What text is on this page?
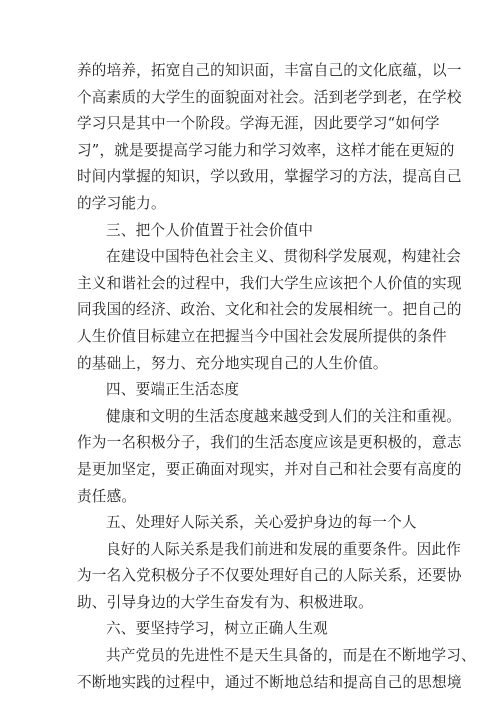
养的培养，拓宽自己的知识面，丰富自己的文化底蕴，以一
个高素质的大学生的面貌面对社会。活到老学到老，在学校
学习只是其中一个阶段。学海无涯，因此要学习“如何学
习”，就是要提高学习能力和学习效率，这样才能在更短的
时间内掌握的知识，学以致用，掌握学习的方法，提高自己
的学习能力。
三、把个人价值置于社会价值中
在建设中国特色社会主义、贯彻科学发展观，构建社会
主义和谐社会的过程中，我们大学生应该把个人价值的实现
同我国的经济、政治、文化和社会的发展相统一。把自己的
人生价值目标建立在把握当今中国社会发展所提供的条件
的基础上，努力、充分地实现自己的人生价值。
四、要端正生活态度
健康和文明的生活态度越来越受到人们的关注和重视。
作为一名积极分子，我们的生活态度应该是更积极的，意志
是更加坚定，要正确面对现实，并对自己和社会要有高度的
责任感。
五、处理好人际关系，关心爱护身边的每一个人
良好的人际关系是我们前进和发展的重要条件。因此作
为一名入党积极分子不仅要处理好自己的人际关系，还要协
助、引导身边的大学生奋发有为、积极进取。
六、要坚持学习，树立正确人生观
共产党员的先进性不是天生具备的，而是在不断地学习、
不断地实践的过程中，通过不断地总结和提高自己的思想境
